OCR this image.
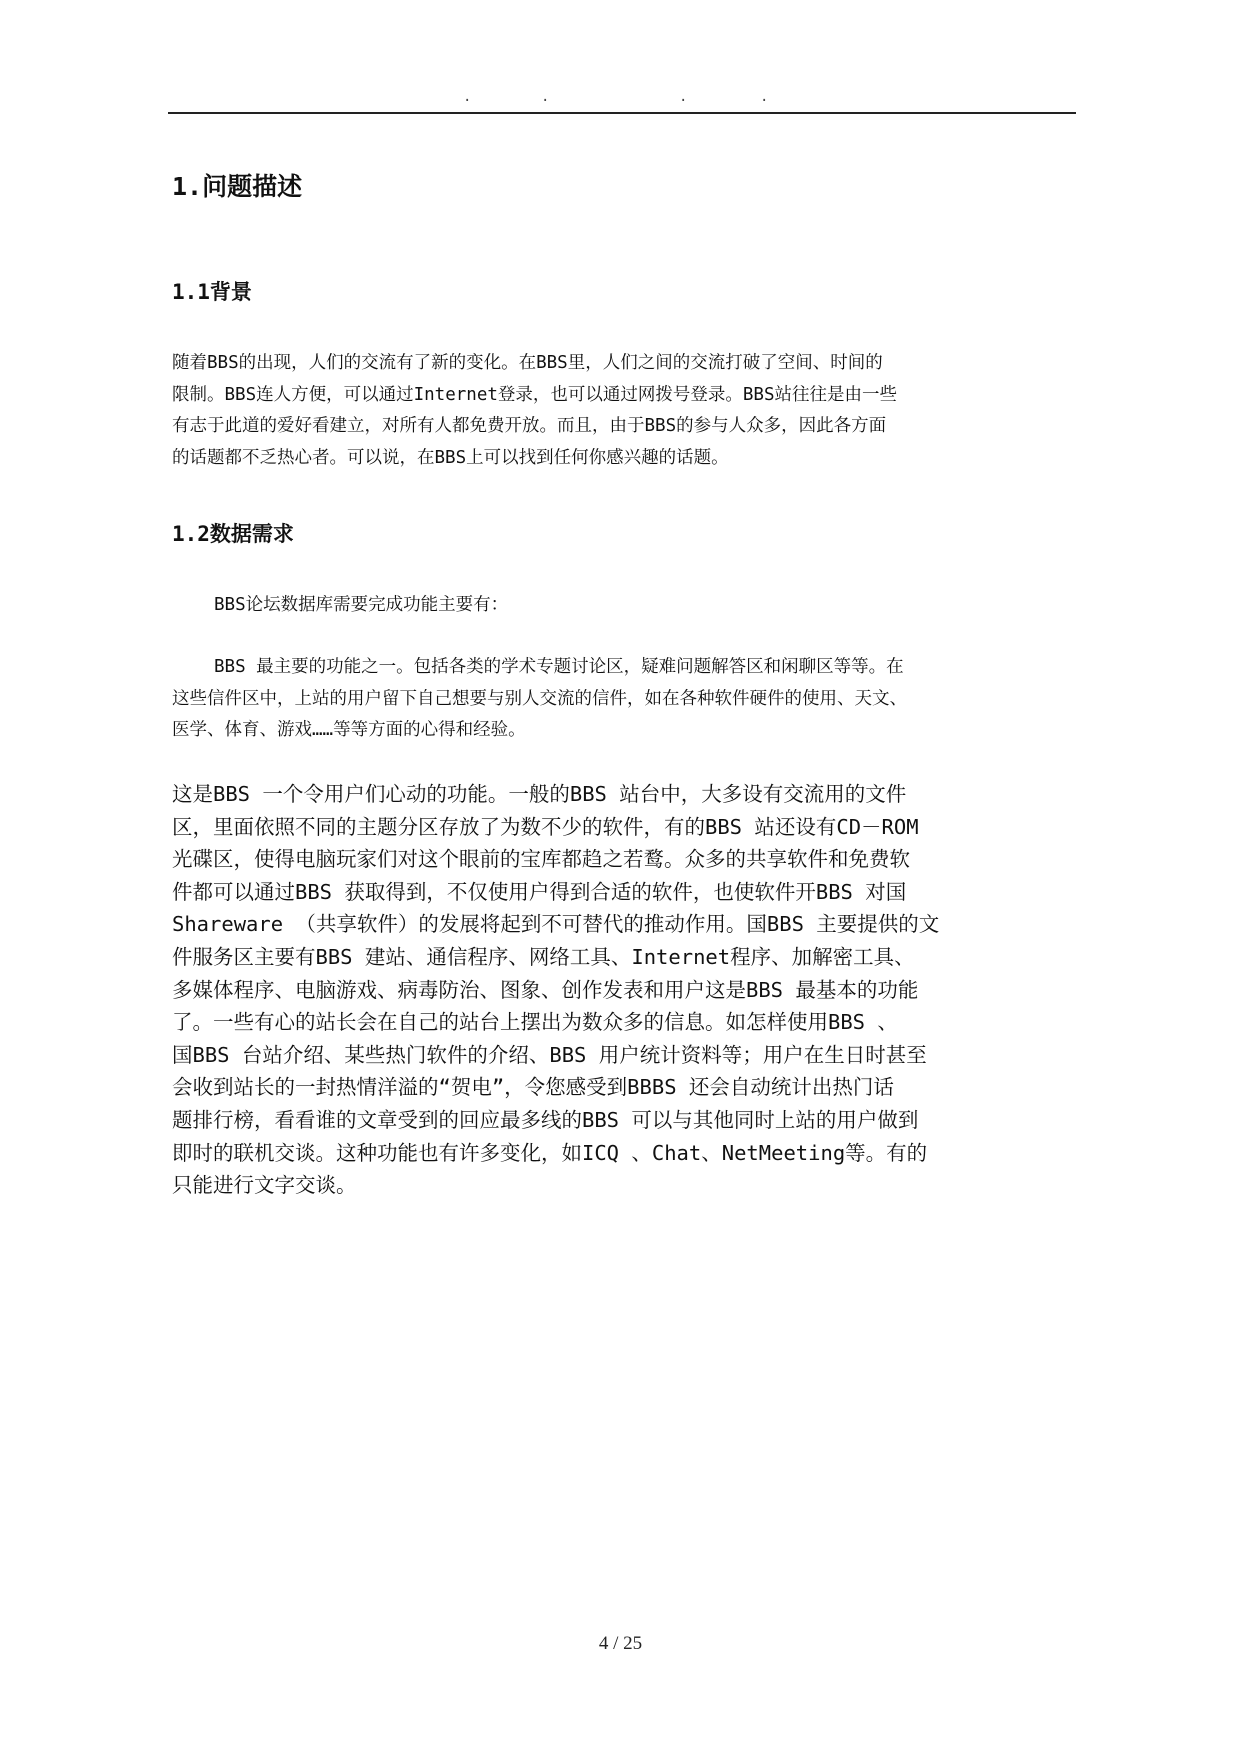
.	.	.	.
1.问题描述
1.1背景
随着BBS的出现，人们的交流有了新的变化。在BBS里，人们之间的交流打破了空间、时间的
限制。BBS连人方便，可以通过Internet登录，也可以通过网拨号登录。BBS站往往是由一些
有志于此道的爱好看建立，对所有人都免费开放。而且，由于BBS的参与人众多，因此各方面
的话题都不乏热心者。可以说，在BBS上可以找到任何你感兴趣的话题。
1.2数据需求
BBS论坛数据库需要完成功能主要有：
BBS 最主要的功能之一。包括各类的学术专题讨论区，疑难问题解答区和闲聊区等等。在
这些信件区中，上站的用户留下自己想要与别人交流的信件，如在各种软件硬件的使用、天文、
医学、体育、游戏……等等方面的心得和经验。
这是BBS 一个令用户们心动的功能。一般的BBS 站台中，大多设有交流用的文件
区，里面依照不同的主题分区存放了为数不少的软件，有的BBS 站还设有CD－ROM
光碟区，使得电脑玩家们对这个眼前的宝库都趋之若鹜。众多的共享软件和免费软
件都可以通过BBS 获取得到，不仅使用户得到合适的软件，也使软件开BBS 对国
Shareware （共享软件）的发展将起到不可替代的推动作用。国BBS 主要提供的文
件服务区主要有BBS 建站、通信程序、网络工具、Internet程序、加解密工具、
多媒体程序、电脑游戏、病毒防治、图象、创作发表和用户这是BBS 最基本的功能
了。一些有心的站长会在自己的站台上摆出为数众多的信息。如怎样使用BBS 、
国BBS 台站介绍、某些热门软件的介绍、BBS 用户统计资料等；用户在生日时甚至
会收到站长的一封热情洋溢的“贺电”，令您感受到BBBS 还会自动统计出热门话
题排行榜，看看谁的文章受到的回应最多线的BBS 可以与其他同时上站的用户做到
即时的联机交谈。这种功能也有许多变化，如ICQ 、Chat、NetMeeting等。有的
只能进行文字交谈。
4 / 25
